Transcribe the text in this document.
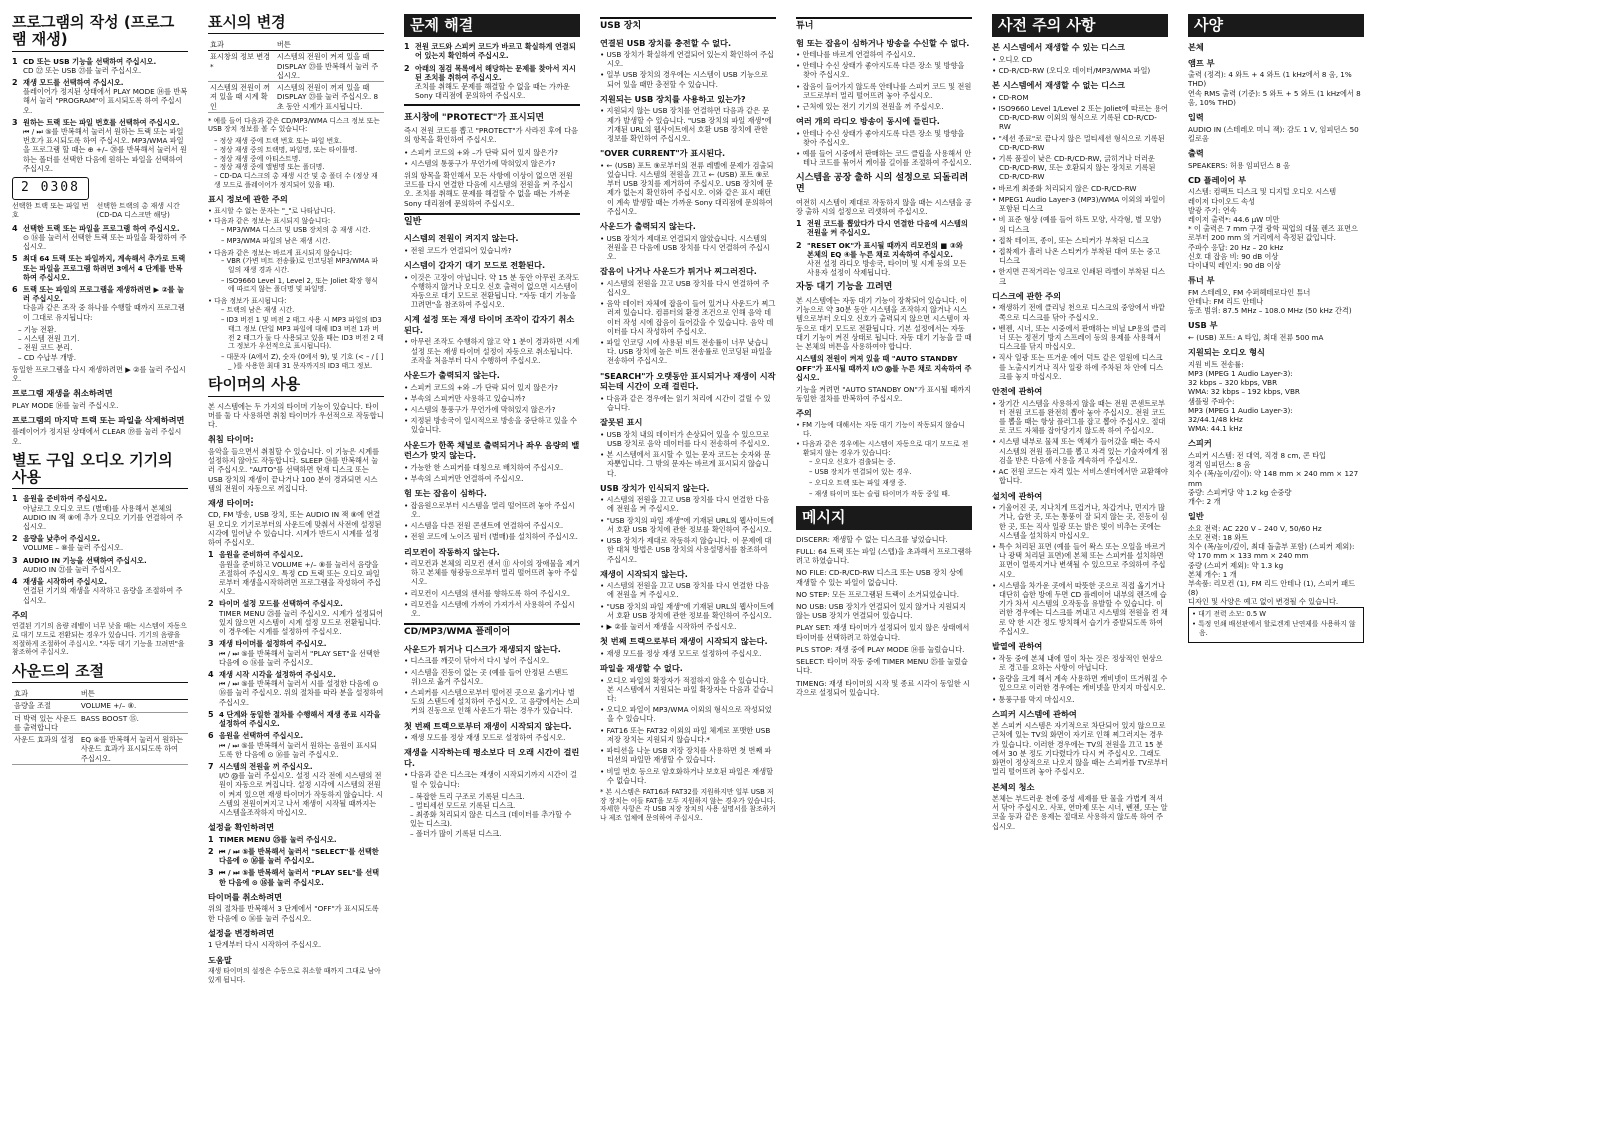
프로그램의 작성 (프로그램 재생)
1 CD 또는 USB 기능을 선택하여 주십시오.
CD ㉒ 또는 USB ㉓를 눌러 주십시오.
2 재생 모드를 선택하여 주십시오.
플레이어가 정지된 상태에서 PLAY MODE ⑭를 반복해서 눌러 "PROGRAM"이 표시되도록 하여 주십시오.
3 원하는 트랙 또는 파일 번호를 선택하여 주십시오.
⏮ / ⏭ ⑤를 반복해서 눌러서 원하는 트랙 또는 파일 번호가 표시되도록 하여 주십시오. MP3/WMA 파일을 프로그램 할 때는 ⊕ +/– ⑳를 반복해서 눌러서 원하는 폴더를 선택한 다음에 원하는 파일을 선택하여 주십시오.
2 0308
선택한 트랙 또는 파일 번호
선택한 트랙의 총 재생 시간 (CD-DA 디스크만 해당)
4 선택한 트랙 또는 파일을 프로그램 하여 주십시오.
⊙ ⑯를 눌러서 선택한 트랙 또는 파일을 확정하여 주십시오.
5 최대 64 트랙 또는 파일까지, 계속해서 추가로 트랙 또는 파일을 프로그램 하려면 3에서 4 단계를 반복하여 주십시오.
6 트랙 또는 파일의 프로그램을 재생하려면 ▶ ②를 눌러 주십시오.
다음과 같은 조작 중 하나를 수행할 때까지 프로그램이 그대로 유지됩니다:
– 기능 전환.
– 시스템 전원 끄기.
– 전원 코드 분리.
– CD 수납부 개방.
동일한 프로그램을 다시 재생하려면 ▶ ②를 눌러 주십시오.
프로그램 재생을 취소하려면
PLAY MODE ⑭를 눌러 주십시오.
프로그램의 마지막 트랙 또는 파일을 삭제하려면
플레이어가 정지된 상태에서 CLEAR ⑲를 눌러 주십시오.
별도 구입 오디오 기기의 사용
1 음원을 준비하여 주십시오.
아날로그 오디오 코드 (별매)를 사용해서 본체의 AUDIO IN 잭 ⑧에 추가 오디오 기기를 연결하여 주십시오.
2 음량을 낮추어 주십시오.
VOLUME – ⑧를 눌러 주십시오.
3 AUDIO IN 기능을 선택하여 주십시오.
AUDIO IN ㉑를 눌러 주십시오.
4 재생을 시작하여 주십시오.
연결된 기기의 재생을 시작하고 음량을 조절하여 주십시오.
주의
연결된 기기의 음량 레벨이 너무 낮을 때는 시스템이 자동으로 대기 모드로 전환되는 경우가 있습니다. 기기의 음량을 적절하게 조절하여 주십시오. "자동 대기 기능을 끄려면"을 참조하여 주십시오.
사운드의 조절
효과	버튼
음량을 조절	VOLUME +/– ⑧.
더 박력 있는 사운드를 출력합니다	BASS BOOST ⑮.
사운드 효과의 설정	EQ ④를 반복해서 눌러서 원하는 사운드 효과가 표시되도록 하여 주십시오.
표시의 변경
효과	버튼
표시창의 정보 변경*	시스템의 전원이 켜져 있을 때 DISPLAY ㉓를 반복해서 눌러 주십시오.
시스템의 전원이 꺼져 있을 때 시계 확인	시스템의 전원이 꺼져 있을 때 DISPLAY ㉓를 눌러 주십시오. 8초 동안 시계가 표시됩니다.
* 예를 들어 다음과 같은 CD/MP3/WMA 디스크 정보 또는 USB 장치 정보를 볼 수 있습니다:
– 정상 재생 중에 트랙 번호 또는 파일 번호.
– 정상 재생 중의 트랙명, 파일명, 또는 타이틀명.
– 정상 재생 중에 아티스트명.
– 정상 재생 중에 앨범명 또는 폴더명.
– CD-DA 디스크의 총 재생 시간 및 총 폴더 수 (정상 재생 모드로 플레이어가 정지되어 있을 때).
표시 정보에 관한 주의
• 표시할 수 없는 문자는 "_"로 나타납니다.
• 다음과 같은 정보는 표시되지 않습니다:
– MP3/WMA 디스크 및 USB 장치의 총 재생 시간.
– MP3/WMA 파일의 남은 재생 시간.
• 다음과 같은 정보는 바르게 표시되지 않습니다:
– VBR (가변 비트 전송률)로 인코딩된 MP3/WMA 파일의 재생 경과 시간.
– ISO9660 Level 1, Level 2, 또는 Joliet 확장 형식에 따르지 않는 폴더명 및 파일명.
• 다음 정보가 표시됩니다:
– 트랙의 남은 재생 시간.
– ID3 버전 1 및 버전 2 태그 사용 시 MP3 파일의 ID3 태그 정보 (단일 MP3 파일에 대해 ID3 버전 1과 버전 2 태그가 둘 다 사용되고 있을 때는 ID3 버전 2 태그 정보가 우선적으로 표시됩니다).
– 대문자 (A에서 Z), 숫자 (0에서 9), 및 기호 (< – / [ ] _ )를 사용한 최대 31 문자까지의 ID3 태그 정보.
타이머의 사용
본 시스템에는 두 가지의 타이머 기능이 있습니다. 타이머를 둘 다 사용하면 취침 타이머가 우선적으로 작동합니다.
취침 타이머:
음악을 들으면서 취침할 수 있습니다. 이 기능은 시계를 설정하지 않아도 작동합니다. SLEEP ㉔를 반복해서 눌러 주십시오. "AUTO"를 선택하면 현재 디스크 또는 USB 장치의 재생이 끝나거나 100 분이 경과되면 시스템의 전원이 자동으로 꺼집니다.
재생 타이머:
CD, FM 방송, USB 장치, 또는 AUDIO IN 잭 ⑧에 연결된 오디오 기기로부터의 사운드에 맞춰서 사전에 설정된 시각에 일어날 수 있습니다. 시계가 반드시 시계를 설정하여 주십시오.
1 음원을 준비하여 주십시오.
음원을 준비하고 VOLUME +/– ⑧를 눌러서 음량을 조절하여 주십시오. 특정 CD 트랙 또는 오디오 파일로부터 재생을시작하려면 프로그램을 작성하여 주십시오.
2 타이머 설정 모드를 선택하여 주십시오.
TIMER MENU ㉕를 눌러 주십시오. 시계가 설정되어 있지 않으면 시스템이 시계 설정 모드로 전환됩니다. 이 경우에는 시계를 설정하여 주십시오.
3 재생 타이머를 설정하여 주십시오.
⏮ / ⏭ ⑤를 반복해서 눌러서 "PLAY SET"을 선택한 다음에 ⊙ ⑯를 눌러 주십시오.
4 재생 시작 시각을 설정하여 주십시오.
⏮ / ⏭ ⑤를 반복해서 눌러서 시를 설정한 다음에 ⊙ ⑯를 눌러 주십시오. 위의 절차를 따라 분을 설정하여 주십시오.
5 4 단계와 동일한 절차를 수행해서 재생 종료 시각을 설정하여 주십시오.
6 음원을 선택하여 주십시오.
⏮ / ⏭ ⑤를 반복해서 눌러서 원하는 음원이 표시되도록 한 다음에 ⊙ ⑯를 눌러 주십시오.
7 시스템의 전원을 꺼 주십시오.
I/⏻ ⑲를 눌러 주십시오. 설정 시각 전에 시스템의 전원이 자동으로 켜집니다. 설정 시각에 시스템의 전원이 켜져 있으면 재생 타이머가 작동하지 않습니다. 시스템의 전원이켜지고 나서 재생이 시작될 때까지는 시스템을조작하지 마십시오.
설정을 확인하려면
1 TIMER MENU ㉕를 눌러 주십시오.
2 ⏮ / ⏭ ⑤를 반복해서 눌러서 "SELECT"를 선택한 다음에 ⊙ ⑯를 눌러 주십시오.
3 ⏮ / ⏭ ⑤를 반복해서 눌러서 "PLAY SEL"를 선택한 다음에 ⊙ ⑯를 눌러 주십시오.
타이머를 취소하려면
위의 절차를 반복해서 3 단계에서 "OFF"가 표시되도록 한 다음에 ⊙ ⑯를 눌러 주십시오.
설정을 변경하려면
1 단계부터 다시 시작하여 주십시오.
도움말
재생 타이머의 설정은 수동으로 취소할 때까지 그대로 남아있게 됩니다.
문제 해결
1 전원 코드와 스피커 코드가 바르고 확실하게 연결되어 있는지 확인하여 주십시오.
2 아래의 점검 목록에서 해당하는 문제를 찾아서 지시된 조치를 취하여 주십시오.
조치를 취해도 문제를 해결할 수 없을 때는 가까운 Sony 대리점에 문의하여 주십시오.
표시창에 "PROTECT"가 표시되면
즉시 전원 코드를 뽑고 "PROTECT"가 사라진 후에 다음의 항목을 확인하여 주십시오.
• 스피커 코드의 +와 –가 단락 되어 있지 않은가?
• 시스템의 통풍구가 무언가에 막혀있지 않은가?
위의 항목을 확인해서 모든 사항에 이상이 없으면 전원 코드를 다시 연결한 다음에 시스템의 전원을 켜 주십시오. 조치를 취해도 문제를 해결할 수 없을 때는 가까운 Sony 대리점에 문의하여 주십시오.
일반
시스템의 전원이 켜지지 않는다.
• 전원 코드가 연결되어 있습니까?
시스템이 갑자기 대기 모드로 전환된다.
• 이것은 고장이 아닙니다. 약 15 분 동안 아무런 조작도 수행하지 않거나 오디오 신호 출력이 없으면 시스템이 자동으로 대기 모드로 전환됩니다. "자동 대기 기능을 끄려면"을 참조하여 주십시오.
시계 설정 또는 재생 타이머 조작이 갑자기 취소된다.
• 아무런 조작도 수행하지 않고 약 1 분이 경과하면 시계 설정 또는 재생 타이머 설정이 자동으로 취소됩니다. 조작을 처음부터 다시 수행하여 주십시오.
사운드가 출력되지 않는다.
• 스피커 코드의 +와 –가 단락 되어 있지 않은가?
• 부속의 스피커만 사용하고 있습니까?
• 시스템의 통풍구가 무언가에 막혀있지 않은가?
• 지정된 방송국이 일시적으로 방송을 중단하고 있을 수 있습니다.
사운드가 한쪽 채널로 출력되거나 좌우 음량의 밸런스가 맞지 않는다.
• 가능한 한 스피커를 대칭으로 배치하여 주십시오.
• 부속의 스피커만 연결하여 주십시오.
험 또는 잡음이 심하다.
• 잡음원으로부터 시스템을 멀리 떨어뜨려 놓아 주십시오.
• 시스템을 다른 전원 콘센트에 연결하여 주십시오.
• 전원 코드에 노이즈 필터 (별매)를 설치하여 주십시오.
리모컨이 작동하지 않는다.
• 리모컨과 본체의 리모컨 센서 ⑪ 사이의 장애물을 제거하고 본체를 형광등으로부터 멀리 떨어뜨려 놓아 주십시오.
• 리모컨이 시스템의 센서를 향하도록 하여 주십시오.
• 리모컨을 시스템에 가까이 가져가서 사용하여 주십시오.
CD/MP3/WMA 플레이어
사운드가 튀거나 디스크가 재생되지 않는다.
• 디스크를 깨끗이 닦아서 다시 넣어 주십시오.
• 시스템을 진동이 없는 곳 (예를 들어 안정된 스탠드 위)으로 옮겨 주십시오.
• 스피커를 시스템으로부터 떨어진 곳으로 옮기거나 별도의 스탠드에 설치하여 주십시오. 고 음량에서는 스피커의 진동으로 인해 사운드가 튀는 경우가 있습니다.
첫 번째 트랙으로부터 재생이 시작되지 않는다.
• 재생 모드를 정상 재생 모드로 설정하여 주십시오.
재생을 시작하는데 평소보다 더 오래 시간이 걸린다.
• 다음과 같은 디스크는 재생이 시작되기까지 시간이 걸릴 수 있습니다:
– 복잡한 트리 구조로 기록된 디스크.
– 멀티세션 모드로 기록된 디스크.
– 최종화 처리되지 않은 디스크 (데이터를 추가할 수 있는 디스크).
– 폴더가 많이 기록된 디스크.
USB 장치
연결된 USB 장치를 충전할 수 없다.
• USB 장치가 확실하게 연결되어 있는지 확인하여 주십시오.
• 일부 USB 장치의 경우에는 시스템이 USB 기능으로 되어 있을 때만 충전할 수 있습니다.
지원되는 USB 장치를 사용하고 있는가?
• 지원되지 않는 USB 장치를 연결하면 다음과 같은 문제가 발생할 수 있습니다. "USB 장치의 파일 재생"에 기재된 URL의 웹사이트에서 호환 USB 장치에 관한 정보를 확인하여 주십시오.
"OVER CURRENT"가 표시된다.
• ⇜ (USB) 포트 ⑨로부터의 전류 레벨에 문제가 검출되었습니다. 시스템의 전원을 끄고 ⇜ (USB) 포트 ⑨로부터 USB 장치를 제거하여 주십시오. USB 장치에 문제가 없는지 확인하여 주십시오. 이와 같은 표시 패턴이 계속 발생할 때는 가까운 Sony 대리점에 문의하여 주십시오.
사운드가 출력되지 않는다.
• USB 장치가 제대로 연결되지 않았습니다. 시스템의 전원을 끈 다음에 USB 장치를 다시 연결하여 주십시오.
잡음이 나거나 사운드가 튀거나 찌그러진다.
• 시스템의 전원을 끄고 USB 장치를 다시 연결하여 주십시오.
• 음악 데이터 자체에 잡음이 들어 있거나 사운드가 찌그러져 있습니다. 컴퓨터의 환경 조건으로 인해 음악 데이터 작성 시에 잡음이 들어갔을 수 있습니다. 음악 데이터를 다시 작성하여 주십시오.
• 파일 인코딩 시에 사용된 비트 전송률이 너무 낮습니다. USB 장치에 높은 비트 전송률로 인코딩된 파일을 전송하여 주십시오.
"SEARCH"가 오랫동안 표시되거나 재생이 시작되는데 시간이 오래 걸린다.
• 다음과 같은 경우에는 읽기 처리에 시간이 걸릴 수 있습니다.
잘못된 표시
• USB 장치 내의 데이터가 손상되어 있을 수 있으므로 USB 장치로 음악 데이터를 다시 전송하여 주십시오.
• 본 시스템에서 표시할 수 있는 문자 코드는 숫자와 문자뿐입니다. 그 밖의 문자는 바르게 표시되지 않습니다.
USB 장치가 인식되지 않는다.
• 시스템의 전원을 끄고 USB 장치를 다시 연결한 다음에 전원을 켜 주십시오.
• "USB 장치의 파일 재생"에 기재된 URL의 웹사이트에서 호환 USB 장치에 관한 정보를 확인하여 주십시오.
• USB 장치가 제대로 작동하지 않습니다. 이 문제에 대한 대처 방법은 USB 장치의 사용설명서를 참조하여 주십시오.
재생이 시작되지 않는다.
• 시스템의 전원을 끄고 USB 장치를 다시 연결한 다음에 전원을 켜 주십시오.
• "USB 장치의 파일 재생"에 기재된 URL의 웹사이트에서 호환 USB 장치에 관한 정보를 확인하여 주십시오.
• ▶ ②를 눌러서 재생을 시작하여 주십시오.
첫 번째 트랙으로부터 재생이 시작되지 않는다.
• 재생 모드를 정상 재생 모드로 설정하여 주십시오.
파일을 재생할 수 없다.
• 오디오 파일의 확장자가 적절하지 않을 수 있습니다. 본 시스템에서 지원되는 파일 확장자는 다음과 같습니다:
• 오디오 파일이 MP3/WMA 이외의 형식으로 작성되었을 수 있습니다.
• FAT16 또는 FAT32 이외의 파일 체계로 포맷한 USB 저장 장치는 지원되지 않습니다.*
• 파티션을 나눈 USB 저장 장치를 사용하면 첫 번째 파티션의 파일만 재생할 수 있습니다.
• 비밀 번호 등으로 암호화하거나 보호된 파일은 재생할 수 없습니다.
* 본 시스템은 FAT16과 FAT32를 지원하지만 일부 USB 저장 장치는 이들 FAT을 모두 지원하지 않는 경우가 있습니다. 자세한 사항은 각 USB 저장 장치의 사용 설명서를 참조하거나 제조 업체에 문의하여 주십시오.
튜너
험 또는 잡음이 심하거나 방송을 수신할 수 없다.
• 안테나를 바르게 연결하여 주십시오.
• 안테나 수신 상태가 좋아지도록 다른 장소 및 방향을 찾아 주십시오.
• 잡음이 들어가지 않도록 안테나를 스피커 코드 및 전원 코드로부터 멀리 떨어뜨려 놓아 주십시오.
• 근처에 있는 전기 기기의 전원을 꺼 주십시오.
여러 개의 라디오 방송이 동시에 들린다.
• 안테나 수신 상태가 좋아지도록 다른 장소 및 방향을 찾아 주십시오.
• 예를 들어 시중에서 판매하는 코드 클립을 사용해서 안테나 코드를 묶어서 케이블 길이를 조절하여 주십시오.
시스템을 공장 출하 시의 설정으로 되돌리려면
여전히 시스템이 제대로 작동하지 않을 때는 시스템을 공장 출하 시의 설정으로 리셋하여 주십시오.
1 전원 코드를 뽑았다가 다시 연결한 다음에 시스템의 전원을 켜 주십시오.
2 "RESET OK"가 표시될 때까지 리모컨의 ■ ③와 본체의 EQ ④를 누른 채로 지속하여 주십시오.
사전 설정 라디오 방송국, 타이머 및 시계 등의 모든 사용자 설정이 삭제됩니다.
자동 대기 기능을 끄려면
본 시스템에는 자동 대기 기능이 장착되어 있습니다. 이 기능으로 약 30분 동안 시스템을 조작하지 않거나 시스템으로부터 오디오 신호가 출력되지 않으면 시스템이 자동으로 대기 모드로 전환됩니다. 기본 설정에서는 자동 대기 기능이 켜진 상태로 됩니다. 자동 대기 기능을 끌 때는 본체의 버튼을 사용하여야 합니다.
시스템의 전원이 켜져 있을 때 "AUTO STANDBY OFF"가 표시될 때까지 I/⏻ ⑲를 누른 채로 지속하여 주십시오.
기능을 켜려면 "AUTO STANDBY ON"가 표시될 때까지 동일한 절차를 반복하여 주십시오.
주의
• FM 기능에 대해서는 자동 대기 기능이 작동되지 않습니다.
• 다음과 같은 경우에는 시스템이 자동으로 대기 모드로 전환되지 않는 경우가 있습니다:
– 오디오 신호가 검출되는 중.
– USB 장치가 연결되어 있는 경우.
– 오디오 트랙 또는 파일 재생 중.
– 재생 타이머 또는 슬립 타이머가 작동 중일 때.
메시지
DISCERR: 재생할 수 없는 디스크를 넣었습니다.
FULL: 64 트랙 또는 파일 (스텝)을 초과해서 프로그램하려고 하였습니다.
NO FILE: CD-R/CD-RW 디스크 또는 USB 장치 상에 재생할 수 있는 파일이 없습니다.
NO STEP: 모든 프로그램된 트랙이 소거되었습니다.
NO USB: USB 장치가 연결되어 있지 않거나 지원되지 않는 USB 장치가 연결되어 있습니다.
PLAY SET: 재생 타이머가 설정되어 있지 않은 상태에서 타이머를 선택하려고 하였습니다.
PLS STOP: 재생 중에 PLAY MODE ⑭를 눌렀습니다.
SELECT: 타이머 작동 중에 TIMER MENU ㉕를 눌렀습니다.
TIMENG: 재생 타이머의 시작 및 종료 시각이 동일한 시각으로 설정되어 있습니다.
사전 주의 사항
본 시스템에서 재생할 수 있는 디스크
• 오디오 CD
• CD-R/CD-RW (오디오 데이터/MP3/WMA 파일)
본 시스템에서 재생할 수 없는 디스크
• CD-ROM
• ISO9660 Level 1/Level 2 또는 Joliet에 따르는 용어 CD-R/CD-RW 이외의 형식으로 기록된 CD-R/CD-RW
• "세션 종료"로 끝나지 않은 멀티세션 형식으로 기록된 CD-R/CD-RW
• 기록 품질이 낮은 CD-R/CD-RW, 긁히거나 더러운 CD-R/CD-RW, 또는 호환되지 않는 장치로 기록된 CD-R/CD-RW
• 바르게 최종화 처리되지 않은 CD-R/CD-RW
• MPEG1 Audio Layer-3 (MP3)/WMA 이외의 파일이 포함된 디스크
• 비 표준 형상 (예를 들어 하트 모양, 사각형, 별 모양)의 디스크
• 접착 테이프, 종이, 또는 스티커가 부착된 디스크
• 접착제가 흘러 나온 스티커가 부착된 대여 또는 중고 디스크
• 한지면 끈적거리는 잉크로 인쇄된 라벨이 부착된 디스크
디스크에 관한 주의
• 재생하기 전에 클리닝 천으로 디스크의 중앙에서 바깥 쪽으로 디스크를 닦아 주십시오.
• 벤젠, 시너, 또는 시중에서 판매하는 비닐 LP용의 클리너 또는 정전기 방지 스프레이 등의 용제를 사용해서 디스크를 닦지 마십시오.
• 직사 일광 또는 뜨거운 에어 덕트 같은 열원에 디스크를 노출시키거나 직사 일광 하에 주차된 차 안에 디스크를 놓지 마십시오.
안전에 관하여
• 장기간 시스템을 사용하지 않을 때는 전원 콘센트로부터 전원 코드를 완전히 뽑아 놓아 주십시오. 전원 코드를 뽑을 때는 항상 플러그를 잡고 뽑아 주십시오. 절대로 코드 자체를 잡아당기지 않도록 하여 주십시오.
• 시스템 내부로 물체 또는 액체가 들어갔을 때는 즉시 시스템의 전원 플러그를 뽑고 자격 있는 기술자에게 점검을 받은 다음에 사용을 계속하여 주십시오.
• AC 전원 코드는 자격 있는 서비스센터에서만 교환해야 합니다.
설치에 관하여
• 기울어진 곳, 지나치게 뜨겁거나, 차갑거나, 먼지가 많거나, 습한 곳, 또는 통풍이 잘 되지 않는 곳, 진동이 심한 곳, 또는 직사 일광 또는 밝은 빛이 비추는 곳에는 시스템을 설치하지 마십시오.
• 특수 처리된 표면 (예를 들어 왁스 또는 오일을 바르거나 광택 처리된 표면)에 본체 또는 스피커를 설치하면 표면이 얼룩지거나 변색될 수 있으므로 주의하여 주십시오.
• 시스템을 차가운 곳에서 따뜻한 곳으로 직접 옮기거나 대단히 습한 방에 두면 CD 플레이어 내부의 렌즈에 습기가 차서 시스템의 오작동을 유발할 수 있습니다. 이러한 경우에는 디스크를 꺼내고 시스템의 전원을 켠 채로 약 한 시간 정도 방치해서 습기가 증발되도록 하여 주십시오.
발열에 관하여
• 작동 중에 본체 내에 열이 차는 것은 정상적인 현상으로 경고를 요하는 사항이 아닙니다.
• 음량을 크게 해서 계속 사용하면 캐비넷이 뜨거워질 수 있으므로 이러한 경우에는 캐비넷을 만지지 마십시오.
• 통풍구를 막지 마십시오.
스피커 시스템에 관하여
본 스피커 시스템은 자기적으로 차단되어 있지 않으므로 근처에 있는 TV의 화면이 자기로 인해 찌그러지는 경우가 있습니다. 이러한 경우에는 TV의 전원을 끄고 15 분에서 30 분 정도 기다렸다가 다시 켜 주십시오. 그래도 화면이 정상적으로 나오지 않을 때는 스피커를 TV로부터 멀리 떨어뜨려 놓아 주십시오.
본체의 청소
본체는 부드러운 천에 중성 세제를 탄 물을 가볍게 적셔서 닦아 주십시오. 사포, 연마제 또는 시너, 벤젠, 또는 알코올 등과 같은 용제는 절대로 사용하지 않도록 하여 주십시오.
사양
본체
앰프 부
출력 (정격): 4 와트 + 4 와트 (1 kHz에서 8 옴, 1% THD)
연속 RMS 출력 (기준): 5 와트 + 5 와트 (1 kHz에서 8 옴, 10% THD)
입력
AUDIO IN (스테레오 미니 잭): 감도 1 V, 임피던스 50 킬로옴
출력
SPEAKERS: 허용 임피던스 8 옴
CD 플레이어 부
시스템: 컴팩트 디스크 및 디지털 오디오 시스템
레이저 다이오드 속성
발광 주기: 연속
레이저 출력*: 44.6 μW 미만
* 이 출력은 7 mm 구경 광학 픽업의 대물 렌즈 표면으로부터 200 mm 의 거리에서 측정된 값입니다.
주파수 응답: 20 Hz – 20 kHz
신호 대 잡음 비: 90 dB 이상
다이내믹 레인지: 90 dB 이상
튜너 부
FM 스테레오, FM 수퍼헤테로다인 튜너
안테나: FM 리드 안테나
동조 범위: 87.5 MHz – 108.0 MHz (50 kHz 간격)
USB 부
⇜ (USB) 포트: A 타입, 최대 전류 500 mA
지원되는 오디오 형식
지원 비트 전송률:
MP3 (MPEG 1 Audio Layer-3):
32 kbps – 320 kbps, VBR
WMA: 32 kbps – 192 kbps, VBR
샘플링 주파수:
MP3 (MPEG 1 Audio Layer-3):
32/44.1/48 kHz
WMA: 44.1 kHz
스피커
스피커 시스템: 전 대역, 직경 8 cm, 콘 타입
정격 임피던스: 8 옴
치수 (폭/높이/깊이): 약 148 mm × 240 mm × 127 mm
중량: 스피커당 약 1.2 kg 순중량
개수: 2 개
일반
소요 전력: AC 220 V – 240 V, 50/60 Hz
소모 전력: 18 와트
치수 (폭/높이/깊이, 최대 돌출부 포함) (스피커 제외):
약 170 mm × 133 mm × 240 mm
중량 (스피커 제외): 약 1.3 kg
본체 개수: 1 개
부속품: 리모컨 (1), FM 리드 안테나 (1), 스피커 패드 (8)
디자인 및 사양은 예고 없이 변경될 수 있습니다.
• 대기 전력 소모: 0.5 W
• 특정 인쇄 배선판에서 할로겐계 난연제를 사용하지 않음.
